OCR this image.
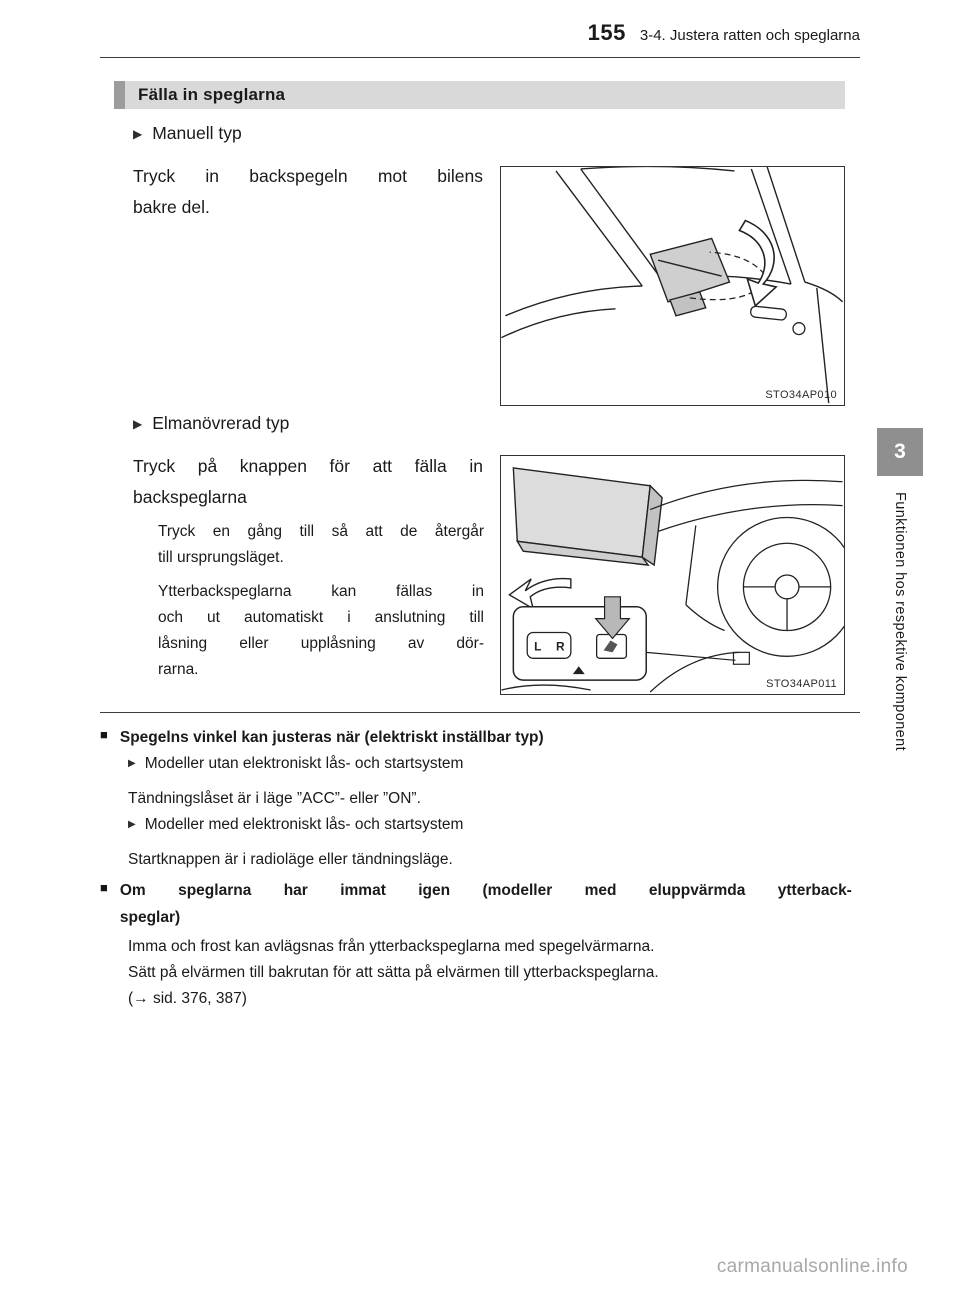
155 3-4. Justera ratten och speglarna
Fälla in speglarna
▶ Manuell typ
Tryck in backspegeln mot bilens
bakre del.
STO34AP010
▶ Elmanövrerad typ
Tryck på knappen för att fälla in
backspeglarna
Tryck en gång till så att de återgår
till ursprungsläget.
Ytterbackspeglarna kan fällas in
och ut automatiskt i anslutning till
låsning eller upplåsning av dör-
rarna.
L R
STO34AP011
■ Spegelns vinkel kan justeras när (elektriskt inställbar typ)
▶ Modeller utan elektroniskt lås- och startsystem
Tändningslåset är i läge ”ACC”- eller ”ON”.
▶ Modeller med elektroniskt lås- och startsystem
Startknappen är i radioläge eller tändningsläge.
■ Om speglarna har immat igen (modeller med eluppvärmda ytterback-
speglar)
Imma och frost kan avlägsnas från ytterbackspeglarna med spegelvärmarna.
Sätt på elvärmen till bakrutan för att sätta på elvärmen till ytterbackspeglarna.
(→ sid. 376, 387)
3
Funktionen hos respektive komponent
carmanualsonline.info
